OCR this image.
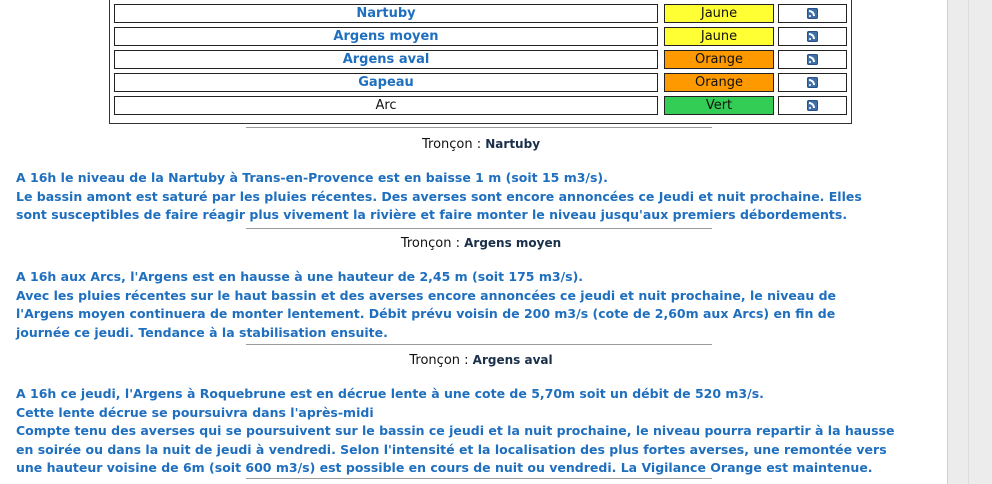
Nartuby	Jaune
Argens moyen	Jaune
Argens aval	Orange
Gapeau	Orange
Arc	Vert
Tronçon : Nartuby
A 16h le niveau de la Nartuby à Trans-en-Provence est en baisse 1 m (soit 15 m3/s).
Le bassin amont est saturé par les pluies récentes. Des averses sont encore annoncées ce Jeudi et nuit prochaine. Elles
sont susceptibles de faire réagir plus vivement la rivière et faire monter le niveau jusqu'aux premiers débordements.
Tronçon : Argens moyen
A 16h aux Arcs, l'Argens est en hausse à une hauteur de 2,45 m (soit 175 m3/s).
Avec les pluies récentes sur le haut bassin et des averses encore annoncées ce jeudi et nuit prochaine, le niveau de
l'Argens moyen continuera de monter lentement. Débit prévu voisin de 200 m3/s (cote de 2,60m aux Arcs) en fin de
journée ce jeudi. Tendance à la stabilisation ensuite.
Tronçon : Argens aval
A 16h ce jeudi, l'Argens à Roquebrune est en décrue lente à une cote de 5,70m soit un débit de 520 m3/s.
Cette lente décrue se poursuivra dans l'après-midi
Compte tenu des averses qui se poursuivent sur le bassin ce jeudi et la nuit prochaine, le niveau pourra repartir à la hausse
en soirée ou dans la nuit de jeudi à vendredi. Selon l'intensité et la localisation des plus fortes averses, une remontée vers
une hauteur voisine de 6m (soit 600 m3/s) est possible en cours de nuit ou vendredi. La Vigilance Orange est maintenue.
